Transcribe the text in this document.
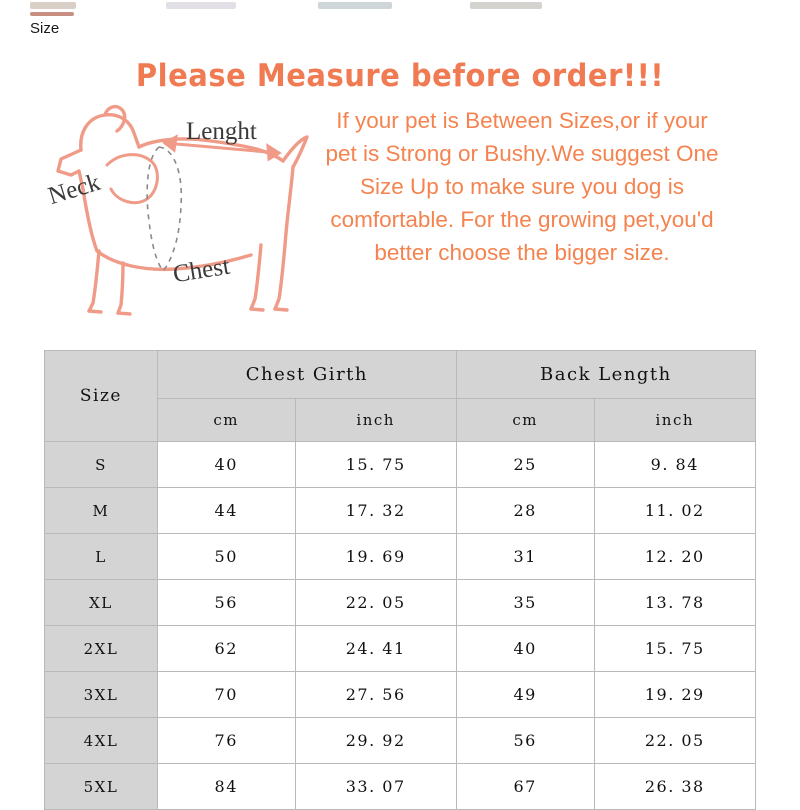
Size
Please Measure before order!!!
Lenght
Neck
Chest
If your pet is Between Sizes,or if your pet is Strong or Bushy.We suggest One Size Up to make sure you dog is comfortable. For the growing pet,you'd better choose the bigger size.
Size	Chest Girth		Back Length	
	cm	inch	cm	inch
S	40	15. 75	25	9. 84
M	44	17. 32	28	11. 02
L	50	19. 69	31	12. 20
XL	56	22. 05	35	13. 78
2XL	62	24. 41	40	15. 75
3XL	70	27. 56	49	19. 29
4XL	76	29. 92	56	22. 05
5XL	84	33. 07	67	26. 38
